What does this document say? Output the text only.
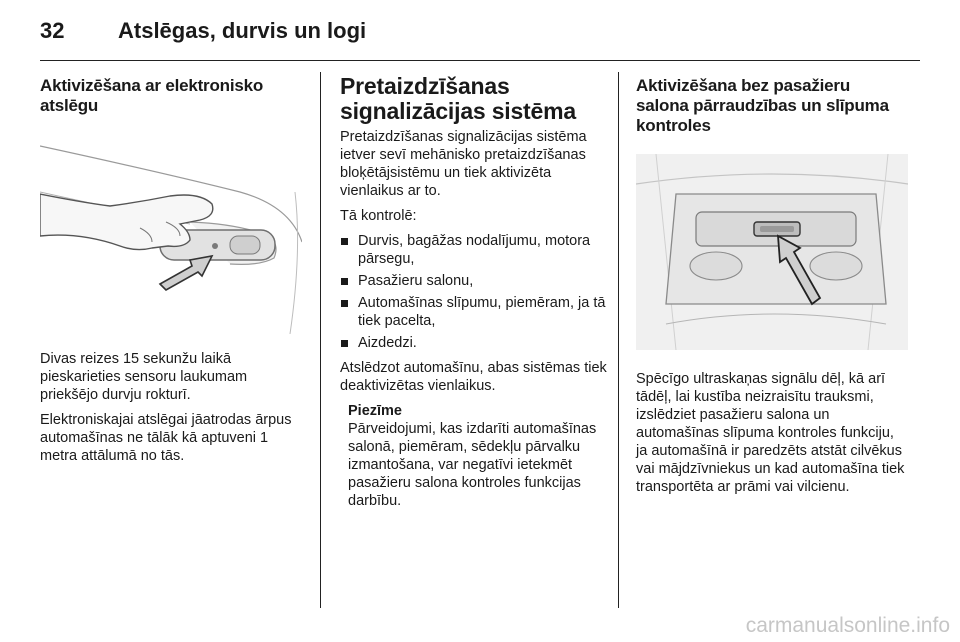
32 Atslēgas, durvis un logi
Aktivizēšana ar elektronisko
atslēgu

Divas reizes 15 sekunžu laikā pieskarieties sensoru laukumam priekšējo durvju rokturī.

Elektroniskajai atslēgai jāatrodas ārpus automašīnas ne tālāk kā aptuveni 1 metra attālumā no tās.

Pretaizdzīšanas
signalizācijas sistēma

Pretaizdzīšanas signalizācijas sistēma ietver sevī mehānisko pretaizdzīšanas bloķētājsistēmu un tiek aktivizēta vienlaikus ar to.

Tā kontrolē:

Durvis, bagāžas nodalījumu, motora pārsegu,
Pasažieru salonu,
Automašīnas slīpumu, piemēram, ja tā tiek pacelta,
Aizdedzi.

Atslēdzot automašīnu, abas sistēmas tiek deaktivizētas vienlaikus.

Piezīme

Pārveidojumi, kas izdarīti automašīnas salonā, piemēram, sēdekļu pārvalku izmantošana, var negatīvi ietekmēt pasažieru salona kontroles funkcijas darbību.

Aktivizēšana bez pasažieru
salona pārraudzības un slīpuma
kontroles

Spēcīgo ultraskaņas signālu dēļ, kā arī tādēļ, lai kustība neizraisītu trauksmi, izslēdziet pasažieru salona un automašīnas slīpuma kontroles funkciju, ja automašīnā ir paredzēts atstāt cilvēkus vai mājdzīvniekus un kad automašīna tiek transportēta ar prāmi vai vilcienu.

carmanualsonline.info
